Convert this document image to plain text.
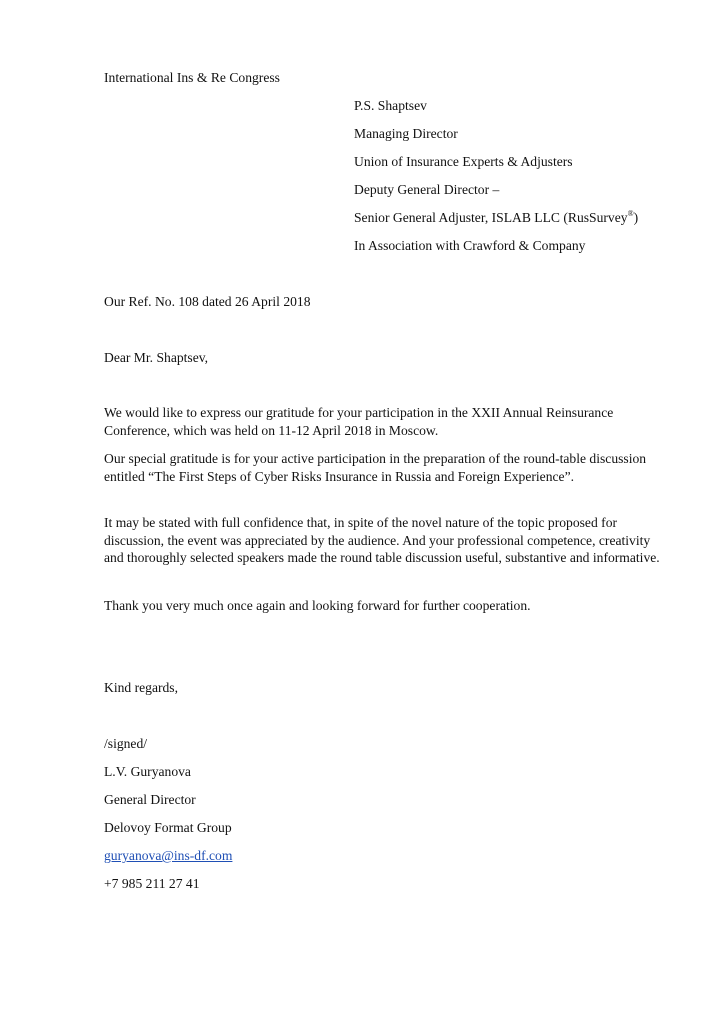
International Ins & Re Congress
P.S. Shaptsev
Managing Director
Union of Insurance Experts & Adjusters
Deputy General Director –
Senior General Adjuster, ISLAB LLC (RusSurvey®)
In Association with Crawford & Company
Our Ref. No. 108 dated 26 April 2018
Dear Mr. Shaptsev,

We would like to express our gratitude for your participation in the XXII Annual Reinsurance Conference, which was held on 11-12 April 2018 in Moscow.

Our special gratitude is for your active participation in the preparation of the round-table discussion entitled “The First Steps of Cyber Risks Insurance in Russia and Foreign Experience”.

It may be stated with full confidence that, in spite of the novel nature of the topic proposed for discussion, the event was appreciated by the audience. And your professional competence, creativity and thoroughly selected speakers made the round table discussion useful, substantive and informative.

Thank you very much once again and looking forward for further cooperation.

Kind regards,
/signed/
L.V. Guryanova
General Director
Delovoy Format Group
guryanova@ins-df.com
+7 985 211 27 41
